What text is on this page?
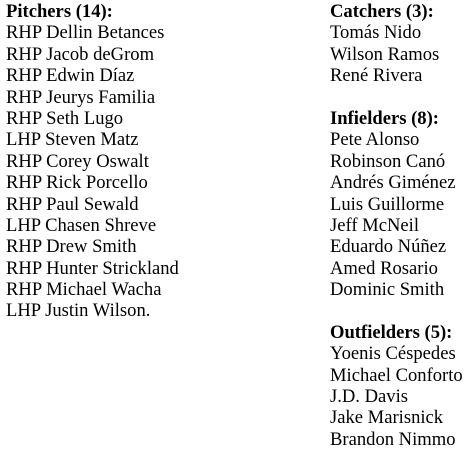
Pitchers (14):
RHP Dellin Betances
RHP Jacob deGrom
RHP Edwin Díaz
RHP Jeurys Familia
RHP Seth Lugo
LHP Steven Matz
RHP Corey Oswalt
RHP Rick Porcello
RHP Paul Sewald
LHP Chasen Shreve
RHP Drew Smith
RHP Hunter Strickland
RHP Michael Wacha
LHP Justin Wilson.
Catchers (3):
Tomás Nido
Wilson Ramos
René Rivera
Infielders (8):
Pete Alonso
Robinson Canó
Andrés Giménez
Luis Guillorme
Jeff McNeil
Eduardo Núñez
Amed Rosario
Dominic Smith
Outfielders (5):
Yoenis Céspedes
Michael Conforto
J.D. Davis
Jake Marisnick
Brandon Nimmo
